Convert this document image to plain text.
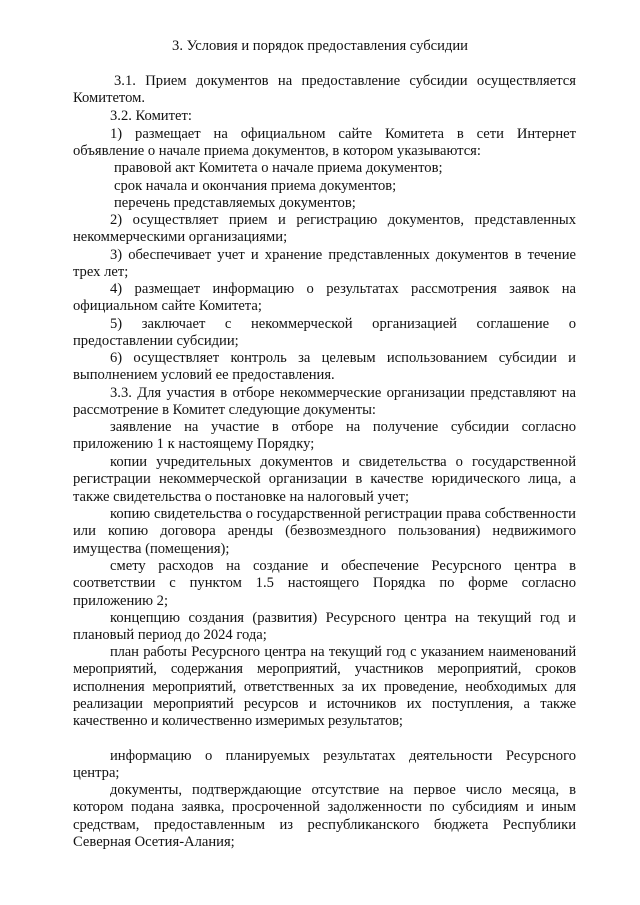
3. Условия и порядок предоставления субсидии

3.1. Прием документов на предоставление субсидии осуществляется Комитетом.

3.2. Комитет:

1) размещает на официальном сайте Комитета в сети Интернет объявление о начале приема документов, в котором указываются:

правовой акт Комитета о начале приема документов;

срок начала и окончания приема документов;

перечень представляемых документов;

2) осуществляет прием и регистрацию документов, представленных некоммерческими организациями;

3) обеспечивает учет и хранение представленных документов в течение трех лет;

4) размещает информацию о результатах рассмотрения заявок на официальном сайте Комитета;

5) заключает с некоммерческой организацией соглашение о предоставлении субсидии;

6) осуществляет контроль за целевым использованием субсидии и выполнением условий ее предоставления.

3.3. Для участия в отборе некоммерческие организации представляют на рассмотрение в Комитет следующие документы:

заявление на участие в отборе на получение субсидии согласно приложению 1 к настоящему Порядку;

копии учредительных документов и свидетельства о государственной регистрации некоммерческой организации в качестве юридического лица, а также свидетельства о постановке на налоговый учет;

копию свидетельства о государственной регистрации права собственности или копию договора аренды (безвозмездного пользования) недвижимого имущества (помещения);

смету расходов на создание и обеспечение Ресурсного центра в соответствии с пунктом 1.5 настоящего Порядка по форме согласно приложению 2;

концепцию создания (развития) Ресурсного центра на текущий год и плановый период до 2024 года;

план работы Ресурсного центра на текущий год с указанием наименований мероприятий, содержания мероприятий, участников мероприятий, сроков исполнения мероприятий, ответственных за их проведение, необходимых для реализации мероприятий ресурсов и источников их поступления, а также качественно и количественно измеримых результатов;

информацию о планируемых результатах деятельности Ресурсного центра;

документы, подтверждающие отсутствие на первое число месяца, в котором подана заявка, просроченной задолженности по субсидиям и иным средствам, предоставленным из республиканского бюджета Республики Северная Осетия-Алания;
